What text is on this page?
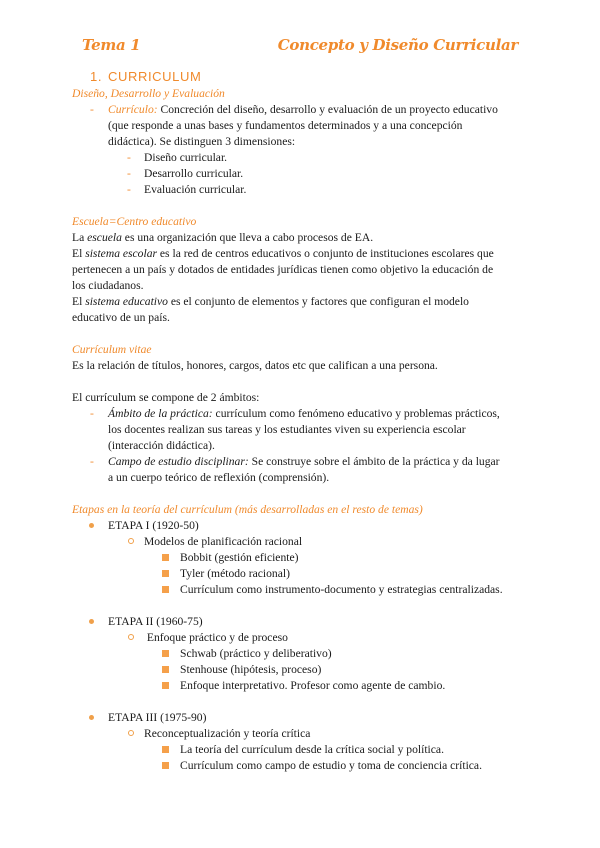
Tema 1	Concepto y Diseño Curricular
1. CURRICULUM
Diseño, Desarrollo y Evaluación
- Currículo: Concreción del diseño, desarrollo y evaluación de un proyecto educativo
(que responde a unas bases y fundamentos determinados y a una concepción
didáctica). Se distinguen 3 dimensiones:
- Diseño curricular.
- Desarrollo curricular.
- Evaluación curricular.
Escuela=Centro educativo
La escuela es una organización que lleva a cabo procesos de EA.
El sistema escolar es la red de centros educativos o conjunto de instituciones escolares que
pertenecen a un país y dotados de entidades jurídicas tienen como objetivo la educación de
los ciudadanos.
El sistema educativo es el conjunto de elementos y factores que configuran el modelo
educativo de un país.
Currículum vitae
Es la relación de títulos, honores, cargos, datos etc que califican a una persona.
El currículum se compone de 2 ámbitos:
- Ámbito de la práctica: currículum como fenómeno educativo y problemas prácticos,
los docentes realizan sus tareas y los estudiantes viven su experiencia escolar
(interacción didáctica).
- Campo de estudio disciplinar: Se construye sobre el ámbito de la práctica y da lugar
a un cuerpo teórico de reflexión (comprensión).
Etapas en la teoría del currículum (más desarrolladas en el resto de temas)
ETAPA I (1920-50)
Modelos de planificación racional
Bobbit (gestión eficiente)
Tyler (método racional)
Currículum como instrumento-documento y estrategias centralizadas.
ETAPA II (1960-75)
Enfoque práctico y de proceso
Schwab (práctico y deliberativo)
Stenhouse (hipótesis, proceso)
Enfoque interpretativo. Profesor como agente de cambio.
ETAPA III (1975-90)
Reconceptualización y teoría crítica
La teoría del currículum desde la crítica social y política.
Currículum como campo de estudio y toma de conciencia crítica.
